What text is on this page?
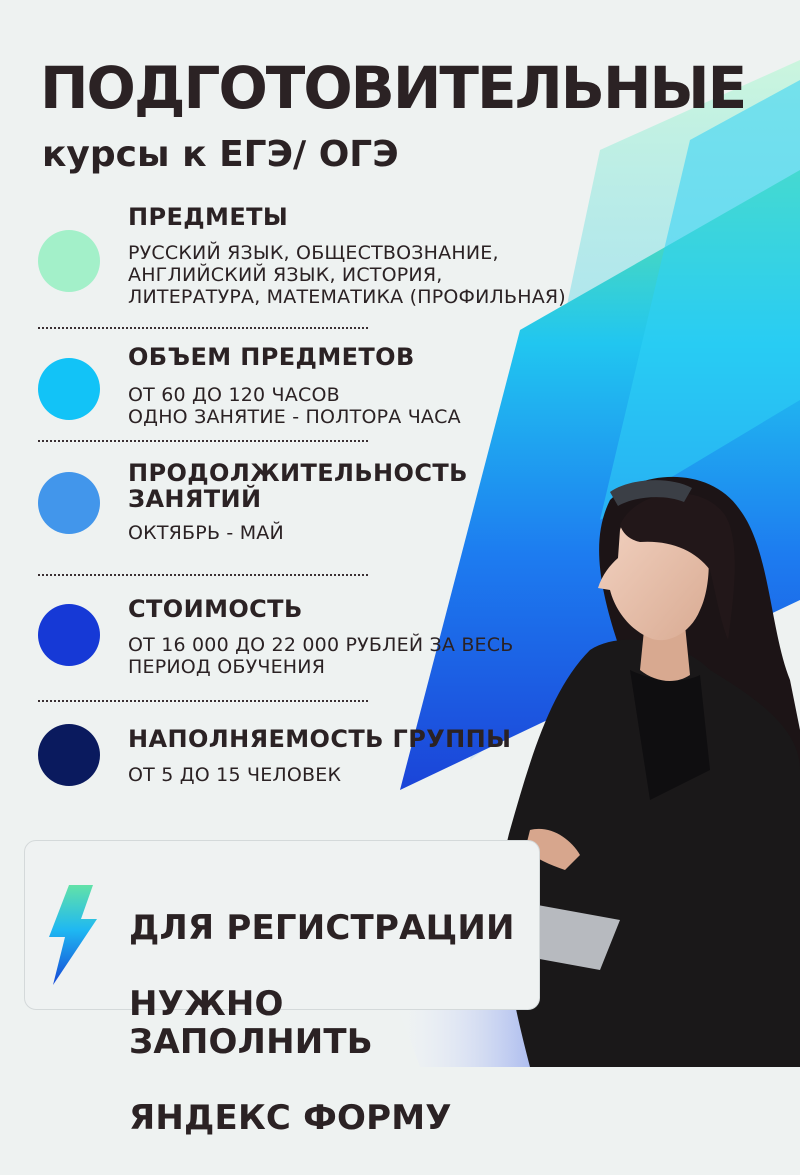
ПОДГОТОВИТЕЛЬНЫЕ
курсы к ЕГЭ/ ОГЭ

ПРЕДМЕТЫ

РУССКИЙ ЯЗЫК, ОБЩЕСТВОЗНАНИЕ,
АНГЛИЙСКИЙ ЯЗЫК, ИСТОРИЯ,
ЛИТЕРАТУРА, МАТЕМАТИКА (ПРОФИЛЬНАЯ)

ОБЪЕМ ПРЕДМЕТОВ

ОТ 60 ДО 120 ЧАСОВ
ОДНО ЗАНЯТИЕ - ПОЛТОРА ЧАСА
ПРОДОЛЖИТЕЛЬНОСТЬ
ЗАНЯТИЙ
ОКТЯБРЬ - МАЙ

СТОИМОСТЬ

ОТ 16 000 ДО 22 000 РУБЛЕЙ ЗА ВЕСЬ
ПЕРИОД ОБУЧЕНИЯ

НАПОЛНЯЕМОСТЬ ГРУППЫ

ОТ 5 ДО 15 ЧЕЛОВЕК

ДЛЯ РЕГИСТРАЦИИ

НУЖНО ЗАПОЛНИТЬ

ЯНДЕКС ФОРМУ
